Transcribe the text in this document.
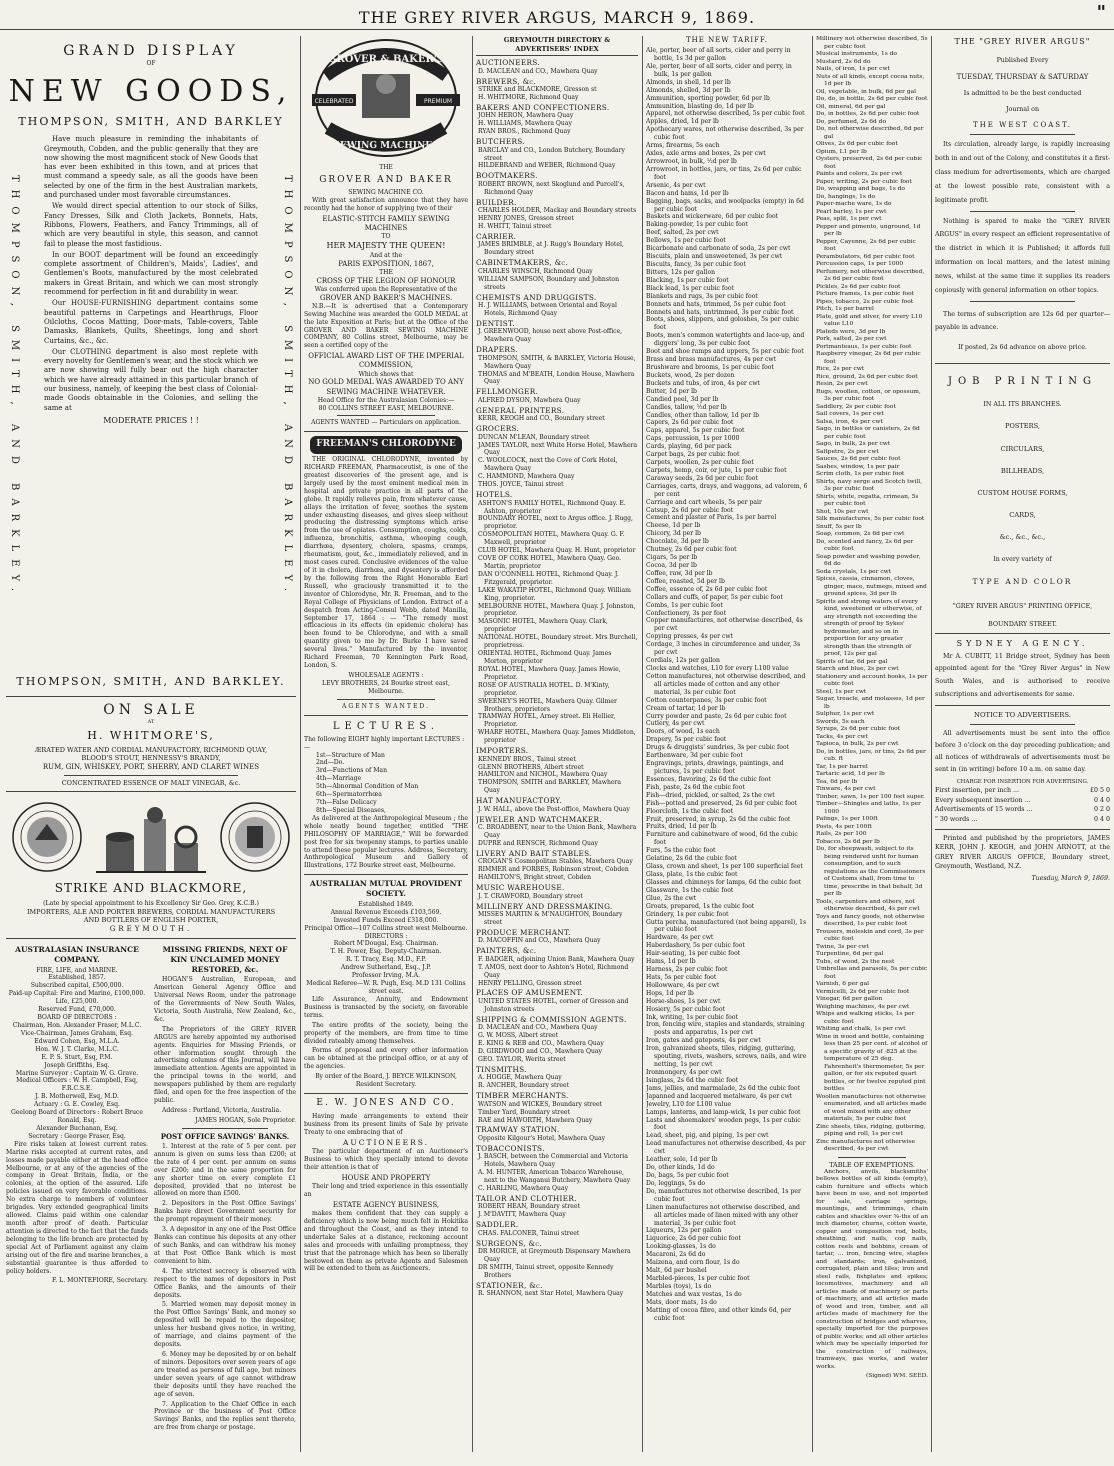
THE GREY RIVER ARGUS, MARCH 9, 1869.	"
GRAND DISPLAY
OF
NEW GOODS,
THOMPSON, SMITH, AND BARKLEY
THOMPSON, SMITH, AND BARKLEY.	THOMPSON, SMITH, AND BARKLEY.

Have much pleasure in reminding the inhabitants of Greymouth, Cobden, and the public generally that they are now showing the most magnificent stock of New Goods that has ever been exhibited in this town, and at prices that must command a speedy sale, as all the goods have been selected by one of the firm in the best Australian markets, and purchased under most favorable circumstances.

We would direct special attention to our stock of Silks, Fancy Dresses, Silk and Cloth Jackets, Bonnets, Hats, Ribbons, Flowers, Feathers, and Fancy Trimmings, all of which are very beautiful in style, this season, and cannot fail to please the most fastidious.

In our BOOT department will be found an exceedingly complete assortment of Children's, Maids', Ladies', and Gentlemen's Boots, manufactured by the most celebrated makers in Great Britain, and which we can most strongly recommend for perfection in fit and durability in wear.

Our HOUSE-FURNISHING department contains some beautiful patterns in Carpetings and Hearthrugs, Floor Oilcloths, Cocoa Matting, Door-mats, Table-covers, Table Damasks, Blankets, Quilts, Sheetings, long and short Curtains, &c., &c.

Our CLOTHING department is also most replete with every novelty for Gentlemen's wear, and the stock which we are now showing will fully bear out the high character which we have already attained in this particular branch of our business, namely, of keeping the best class of Colonial-made Goods obtainable in the Colonies, and selling the same at

MODERATE PRICES ! !
THOMPSON, SMITH, AND BARKLEY.
ON SALE
AT
H. WHITMORE'S,
ÆRATED WATER AND CORDIAL MANUFACTORY, RICHMOND QUAY,
BLOOD'S STOUT, HENNESSY'S BRANDY,
RUM, GIN, WHISKEY, PORT, SHERRY, AND CLARET WINES
CONCENTRATED ESSENCE OF MALT VINEGAR, &c.
STRIKE AND BLACKMORE,
(Late by special appointment to his Excellency Sir Geo. Grey, K.C.B.)
IMPORTERS, ALE AND PORTER BREWERS, CORDIAL MANUFACTURERS
AND BOTTLERS OF ENGLISH PORTER,
GREYMOUTH.
AUSTRALASIAN INSURANCE COMPANY.
FIRE, LIFE, and MARINE.
Established, 1857.
Subscribed capital, £500,000.
Paid-up Capital: Fire and Marine, £100,000.
Life, £25,000.
Reserved Fund, £70,000.
BOARD OF DIRECTORS :
Chairman, Hon. Alexander Fraser, M.L.C.
Vice-Chairman, James Graham, Esq.
Edward Cohen, Esq, M.L.A.
Hon. W. J. T. Clarke, M.L.C.
E. P. S. Sturt, Esq, P.M.
Joseph Griffiths, Esq.
Marine Surveyor : Captain W. G. Grave.
Medical Officers : W. H. Campbell, Esq, F.R.C.S.E.
J. B. Motherwell, Esq, M.D.
Actuary : G. E. Cowley, Esq.
Geelong Board of Directors : Robert Bruce Ronald, Esq.
Alexander Buchanan, Esq.
Secretary : George Fraser, Esq.

Fire risks taken at lowest current rates. Marine risks accepted at current rates, and losses made payable either at the head office Melbourne, or at any of the agencies of the company in Great Britain, India, or the colonies, at the option of the assured. Life policies issued on very favorable conditions. No extra charge to members of volunteer brigades. Very extended geographical limits allowed. Claims paid within one calendar month after proof of death. Particular attention is directed to the fact that the funds belonging to the life branch are protected by special Act of Parliament against any claim arising out of the fire and marine branches, a substantial guarantee is thus afforded to policy holders.

F. L. MONTEFIORE, Secretary.
MISSING FRIENDS, NEXT OF KIN UNCLAIMED MONEY RESTORED, &c.

HOGAN'S Australian, European, and American General Agency Office and Universal News Room, under the patronage of the Governments of New South Wales, Victoria, South Australia, New Zealand, &c., &c.

The Proprietors of the GREY RIVER ARGUS are hereby appointed my authorised agents. Enquiries for Missing Friends, or other information sought through the advertising columns of this Journal, will have immediate attention. Agents are appointed in the principal towns in the world, and newspapers published by them are regularly filed, and open for the free inspection of the public.

Address : Portland, Victoria, Australia.

JAMES HOGAN, Sole Proprietor.
POST OFFICE SAVINGS' BANKS.
1. Interest at the rate of 5 per cent. per annum is given on sums less than £200; at the rate of 4 per cent. per annum on sums over £200; and in the same proportion for any shorter time on every complete £1 deposited, provided that no interest be allowed on more than £500.
2. Depositors in the Post Office Savings' Banks have direct Government security for the prompt repayment of their money.
3. A depositor in any one of the Post Office Banks can continue his deposits at any other of such Banks, and can withdraw his money at that Post Office Bank which is most convenient to him.
4. The strictest secrecy is observed with respect to the names of depositors in Post Office Banks, and the amounts of their deposits.
5. Married women may deposit money in the Post Office Savings' Bank, and money so deposited will be repaid to the depositor, unless her husband gives notice, in writing, of marriage, and claims payment of the deposits.
6. Money may be deposited by or on behalf of minors. Depositors over seven years of age are treated as persons of full age, but minors under seven years of age cannot withdraw their deposits until they have reached the age of seven.
7. Application to the Chief Office in each Province or the business of Post Office Savings' Banks, and the replies sent thereto, are free from charge or postage.
GROVER & BAKER'S
CELEBRATED	PREMIUM
SEWING MACHINES
THE
GROVER AND BAKER
SEWING MACHINE CO.

With great satisfaction announce that they have recently had the honor of supplying two of their

ELASTIC-STITCH FAMILY SEWING MACHINES
TO
HER MAJESTY THE QUEEN!
And at the
PARIS EXPOSITION, 1867,
THE
CROSS OF THE LEGION OF HONOUR
Was conferred upon the Representative of the
GROVER AND BAKER'S MACHINES.

N.B.—It is advertised that a Contemporary Sewing Machine was awarded the GOLD MEDAL at the late Exposition at Paris; but at the Office of the GROVER AND BAKER SEWING MACHINE COMPANY, 80 Collins street, Melbourne, may be seen a certified copy of the

OFFICIAL AWARD LIST OF THE IMPERIAL COMMISSION,
Which shows that
NO GOLD MEDAL WAS AWARDED TO ANY SEWING MACHINE WHATEVER.
Head Office for the Australasian Colonies:—
80 COLLINS STREET EAST, MELBOURNE.
AGENTS WANTED — Particulars on application.
FREEMAN'S CHLORODYNE

THE ORIGINAL CHLORODYNE, invented by RICHARD FREEMAN, Pharmaceutist, is one of the greatest discoveries of the present age, and is largely used by the most eminent medical men in hospital and private practice in all parts of the globe. It rapidly relieves pain, from whatever cause, allays the irritation of fever, soothes the system under exhausting diseases, and gives sleep without producing the distressing symptoms which arise from the use of opiates. Consumption, coughs, colds, influenza, bronchitis, asthma, whooping cough, diarrhœa, dysentery, cholera, spasms, cramps, rheumatism, gout, &c., immediately relieved, and in most cases cured. Conclusive evidences of the value of it in cholera, diarrhœa, and dysentery is afforded by the following from the Right Honorable Earl Russell, who graciously transmitted it to the inventor of Chlorodyne, Mr. R. Freeman, and to the Royal College of Physicians of London. Extract of a despatch from Acting-Consul Webb, dated Manilla, September 17, 1864 : — "The remedy most efficacious in its effects (in epidemic cholera) has been found to be Chlorodyne, and with a small quantity given to me by Dr. Burke I have saved several lives." Manufactured by the inventor, Richard Freeman, 70 Kennington Park Road, London, S.

WHOLESALE AGENTS :
LEVY BROTHERS, 24 Bourke street east, Melbourne.
AGENTS WANTED.
LECTURES.
The following EIGHT highly important LECTURES :—
1st—Structure of Man
2nd—Do.
3rd—Functions of Man
4th—Marriage
5th—Abnormal Condition of Man
6th—Spermatorrhœa
7th—False Delicacy
8th—Special Diseases,

As delivered at the Anthropological Museum ; the whole neatly bound together, entitled "THE PHILOSOPHY OF MARRIAGE," Will be forwarded post free for six twopenny stamps, to parties unable to attend these popular lectures. Address, Secretary, Anthropological Museum and Gallery of Illustrations, 172 Bourke street east, Melbourne.

AUSTRALIAN MUTUAL PROVIDENT SOCIETY.
Established 1849.
Annual Revenue Exceeds £103,569.
Invested Funds Exceed £318,000.
Principal Office—107 Collins street west Melbourne.
DIRECTORS :
Robert M'Dougal, Esq. Chairman.
T. H. Power, Esq. Deputy-Chairman.
R. T. Tracy, Esq. M.D., F.P.
Andrew Sutherland, Esq., J.P.
Professor Irving, M.A.
Medical Referee—W. R. Pugh, Esq. M.D 131 Collins street east.

Life Assurance, Annuity, and Endowment Business is transacted by the society, on favorable terms.

The entire profits of the society, being the property of the members, are from time to time divided rateably among themselves.

Forms of proposal and every other information can be obtained at the principal office, or at any of the agencies.

By order of the Board, J. BEYCE WILKINSON, Resident Secretary.
E. W. JONES AND CO.

Having made arrangements to extend their business from its present limits of Sale by private Treaty to one embracing that of

AUCTIONEERS.

The particular department of an Auctioneer's Business to which they specially intend to devote their attention is that of

HOUSE AND PROPERTY

Their long and tried experience in this essentially an

ESTATE AGENCY BUSINESS,

makes them confident that they can supply a deficiency which is now being much felt in Hokitika and throughout the Coast, and as they intend to undertake Sales at a distance, reckoning account sales and proceeds with unfailing promptness, they trust that the patronage which has been so liberally bestowed on them as private Agents and Salesmen will be extended to them as Auctioneers.

GREYMOUTH DIRECTORY & ADVERTISERS' INDEX
AUCTIONEERS.
D. MACLEAN and CO., Mawhera Quay
BREWERS, &c.
STRIKE and BLACKMORE, Gresson st
H. WHITMORE, Richmond Quay
BAKERS AND CONFECTIONERS.
JOHN HERON, Mawhera Quay
H. WILLIAMS, Mawhera Quay
RYAN BROS., Richmond Quay
BUTCHERS.
BARCLAY and CO., London Butchery, Boundary street
HILDEBRAND and WEBER, Richmond Quay
BOOTMAKERS.
ROBERT BROWN, next Skoglund and Purcell's, Richmond Quay
BUILDER.
CHARLES HOLDER, Mackay and Boundary streets
HENRY JONES, Gresson street
H. WHITT, Tainui street
CARRIER.
JAMES BRIMBLE, at J. Rugg's Boundary Hotel, Boundary street
CABINETMAKERS, &c.
CHARLES WINSCH, Richmond Quay
WILLIAM SAMPSON, Boundary and Johnston streets
CHEMISTS AND DRUGGISTS.
H. J. WILLIAMS, between Oriental and Royal Hotels, Richmond Quay
DENTIST.
J. GREENWOOD, house next above Post-office, Mawhera Quay
DRAPERS.
THOMPSON, SMITH, & BARKLEY, Victoria House, Mawhera Quay
THOMAS and M'BEATH, London House, Mawhera Quay
FELLMONGER.
ALFRED DYSON, Mawhera Quay
GENERAL PRINTERS.
KERR, KEOGH and CO., Boundary street
GROCERS.
DUNCAN M'LEAN, Boundary street
JAMES TAYLOR, next White Horse Hotel, Mawhera Quay
C. WOOLCOCK, next the Cove of Cork Hotel, Mawhera Quay
C. HAMMOND, Mawhera Quay
THOS. JOYCE, Tainui street
HOTELS.
ASHTON'S FAMILY HOTEL, Richmond Quay. E. Ashton, proprietor
BOUNDARY HOTEL, next to Argus office. J. Rugg, proprietor.
COSMOPOLITAN HOTEL, Mawhera Quay. G. F. Maxwell, proprietor
CLUB HOTEL, Mawhera Quay. H. Hunt, proprietor
COVE OF CORK HOTEL, Mawhera Quay. Geo. Martin, proprietor
DAN O'CONNELL HOTEL, Richmond Quay. J. Fitzgerald, proprietor.
LAKE WAKATIP HOTEL, Richmond Quay. William King, proprietor.
MELBOURNE HOTEL, Mawhera Quay. J. Johnston, proprietor.
MASONIC HOTEL, Mawhera Quay. Clark, proprietor
NATIONAL HOTEL, Boundary street. Mrs Burchell, proprietress.
ORIENTAL HOTEL, Richmond Quay. James Morton, proprietor
ROYAL HOTEL, Mawhera Quay. James Howie, Proprietor.
ROSE OF AUSTRALIA HOTEL. D. M'Kinty, proprietor.
SWEENEY'S HOTEL, Mawhera Quay. Gilmer Brothers, proprietors
TRAMWAY HOTEL, Arney street. Eli Hellier, Proprietor.
WHARF HOTEL, Mawhera Quay. James Middleton, proprietor
IMPORTERS.
KENNEDY BROS., Tainui street
GLENN BROTHERS, Albert street
HAMILTON and NICHOL, Mawhera Quay
THOMPSON, SMITH and BARKLEY, Mawhera Quay
HAT MANUFACTORY.
J. W. HALL, above the Post-office, Mawhera Quay
JEWELER AND WATCHMAKER.
C. BROADBENT, near to the Union Bank, Mawhera Quay
DUPRE and RENSCH, Richmond Quay
LIVERY AND BAIT STABLES.
CROGAN'S Cosmopolitan Stables, Mawhera Quay
RIMMER and FORBES, Robinson street, Cobden
HAMILTON'S, Bright street, Cobden
MUSIC WAREHOUSE.
J. T. CRAWFORD, Boundary street
MILLINERY AND DRESSMAKING.
MISSES MARTIN & M'NAUGHTON, Boundary street
PRODUCE MERCHANT.
D. MACOFFIN and CO., Mawhera Quay
PAINTERS, &c.
F. BADGER, adjoining Union Bank, Mawhera Quay
T. AMOS, next door to Ashton's Hotel, Richmond Quay
HENRY PELLING, Gresson street
PLACES OF AMUSEMENT.
UNITED STATES HOTEL, corner of Gresson and Johnston streets
SHIPPING & COMMISSION AGENTS.
D. MACLEAN and CO., Mawhera Quay
G. W. MOSS, Albert street
E. KING & REB and CO., Mawhera Quay
D. GIRDWOOD and CO., Mawhera Quay
GEO. TAYLOR, Werita street
TINSMITHS.
A. HOGGE, Mawhera Quay
R. ANCHER, Boundary street
TIMBER MERCHANTS.
WATSON and WICKES, Boundary street
Timber Yard, Boundary street
RAE and HAWORTH, Mawhera Quay
TRAMWAY STATION.
Opposite Kilgour's Hotel, Mawhera Quay
TOBACCONISTS.
J. BASCH, between the Commercial and Victoria Hotels, Mawhera Quay
A. M. HUNTER, American Tobacco Warehouse, next to the Wanganui Butchery, Mawhera Quay
C. HARLING, Mawhera Quay
TAILOR AND CLOTHIER.
ROBERT HEAN, Boundary street
J. M'DAVITT, Mawhera Quay
SADDLER.
CHAS. FALCONER, Tainui street
SURGEONS, &c.
DR MORICE, at Greymouth Dispensary Mawhera Quay
DR SMITH, Tainui street, opposite Kennedy Brothers
STATIONER, &c.
R. SHANNON, next Star Hotel, Mawhera Quay
THE NEW TARIFF.
Ale, porter, beer of all sorts, cider and perry in bottle, 1s 3d per gallon
Ale, porter, beer of all sorts, cider and perry, in bulk, 1s per gallon
Almonds, in shell, 1d per lb
Almonds, shelled, 3d per lb
Ammunition, sporting powder, 6d per lb
Ammunition, blasting do, 1d per lb
Apparel, not otherwise described, 5s per cubic foot
Apples, dried, 1d per lb
Apothecary wares, not otherwise described, 3s per cubic foot
Arms, firearms, 5s each
Axles, axle arms and boxes, 2s per cwt
Arrowroot, in bulk, ½d per lb
Arrowroot, in bottles, jars, or tins, 2s 6d per cubic foot
Arsenic, 4s per cwt
Bacon and hams, 1d per lb
Bagging, bags, sacks, and woolpacks (empty) in 6d per cubic foot
Baskets and wickerware, 6d per cubic foot
Baking-powder, 1s per cubic foot
Beef, salted, 2s per cwt
Bellows, 1s per cubic foot
Bicarbonate and carbonate of soda, 2s per cwt
Biscuits, plain and unsweetened, 3s per cwt
Biscuits, fancy, 3s per cubic foot
Bitters, 12s per gallon
Blacking, 1s per cubic foot
Black lead, 1s per cubic foot
Blankets and rugs, 3s per cubic foot
Bonnets and hats, trimmed, 5s per cubic foot
Bonnets and hats, untrimmed, 3s per cubic foot
Boots, shoes, slippers, and goloshes, 5s per cubic foot
Boots, men's common watertights and lace-up, and diggers' long, 3s per cubic foot
Boot and shoe ramps and uppers, 5s per cubic foot
Brass and brass manufactures, 4s per cwt
Brushware and brooms, 1s per cubic foot
Buckets, wood, 2s per dozen
Buckets and tubs, of iron, 4s per cwt
Butter, 1d per lb
Candied peel, 3d per lb
Candles, tallow, ½d per lb
Candles, other than tallow, 1d per lb
Capers, 2s 6d per cubic foot
Caps, apparel, 5s per cubic foot
Caps, percussion, 1s per 1000
Cards, playing, 6d per pack
Carpet bags, 2s per cubic foot
Carpets, woollen, 2s per cubic foot
Carpets, hemp, coir, or jute, 1s per cubic foot
Caraway seeds, 2s 6d per cubic foot
Carriages, carts, drays, and waggons, ad valorem, 6 per cent
Carriage and cart wheels, 5s per pair
Catsup, 2s 6d per cubic foot
Cement and plaster of Paris, 1s per barrel
Cheese, 1d per lb
Chicory, 3d per lb
Chocolate, 3d per lb
Chutney, 2s 6d per cubic foot
Cigars, 5s per lb
Cocoa, 3d per lb
Coffee, raw, 3d per lb
Coffee, roasted, 5d per lb
Coffee, essence of, 2s 6d per cubic foot
Collars and cuffs, of paper, 5s per cubic foot
Combs, 1s per cubic foot
Confectionery, 3s per foot
Copper manufactures, not otherwise described, 4s per cwt
Copying presses, 4s per cwt
Cordage, 3 inches in circumference and under, 3s per cwt
Cordials, 12s per gallon
Clocks and watches, L10 for every L100 value
Cotton manufactures, not otherwise described, and all articles made of cotton and any other material, 3s per cubic foot
Cotton counterpanes, 3s per cubic foot
Cream of tartar, 1d per lb
Curry powder and paste, 2s 6d per cubic foot
Cutlery, 4s per cwt
Doors, of wood, 1s each
Drapery, 5s per cubic foot
Drugs & druggists' sundries, 3s per cubic foot
Earthenware, 3d per cubic foot
Engravings, prints, drawings, paintings, and pictures, 1s per cubic foot
Essences, flavoring, 2s 6d the cubic foot
Fish, paste, 2s 6d the cubic foot
Fish—dried, pickled, or salted, 2s the cwt
Fish—potted and preserved, 2s 6d per cubic foot
Floorcloth, 1s the cubic foot
Fruit, preserved, in syrup, 2s 6d the cubic foot
Fruits, dried, 1d per lb
Furniture and cabinetware of wood, 6d the cubic foot
Furs, 5s the cubic foot
Gelatine, 2s 6d the cubic foot
Glass, crown and sheet, 1s per 100 superficial feet
Glass, plate, 1s the cubic foot
Glasses and chimneys for lamps, 6d the cubic foot
Glassware, 1s the cubic foot
Glue, 2s the cwt
Groats, prepared, 1s the cubic foot
Grindery, 1s per cubic foot
Gutta percha, manufactured (not being apparel), 1s per cubic foot
Hardware, 4s per cwt
Haberdashery, 5s per cubic foot
Hair-seating, 1s per cubic foot
Hams, 1d per lb
Harness, 2s per cubic foot
Hats, 5s per cubic foot
Hollowware, 4s per cwt
Hops, 1d per lb
Horse-shoes, 1s per cwt
Hosiery, 5s per cubic foot
Ink, writing, 1s per cubic foot
Iron, fencing wire, staples and standards, straining posts and apparatus, 1s per cwt
Iron, gates and gateposts, 4s per cwt
Iron, galvanized sheets, tiles, ridging, guttering, spouting, rivets, washers, screws, nails, and wire netting, 1s per cwt
Ironmongery, 4s per cwt
Isinglass, 2s 6d the cubic foot
Jams, jellies, and marmalade, 2s 6d the cubic foot
Japanned and lacquered metalware, 4s per cwt
Jewelry, L10 for L100 value
Lamps, lanterns, and lamp-wick, 1s per cubic foot
Lasts and shoemakers' wooden pegs, 1s per cubic foot
Lead, sheet, pig, and piping, 1s per cwt
Lead manufactures not otherwise described, 4s per cwt
Leather, sole, 1d per lb
Do, other kinds, 1d do
Do, bags, 5s per cubic foot
Do, leggings, 5s do
Do, manufactures not otherwise described, 1s per cubic foot
Linen manufactures not otherwise described, and all articles made of linen mixed with any other material, 3s per cubic foot
Liqueurs, 12s per gallon
Liquorice, 2s 6d per cubic foot
Looking-glasses, 1s do
Macaroni, 2s 6d do
Maizena, and corn flour, 1s do
Malt, 6d per bushel
Marbled-pieces, 1s per cubic foot
Marbles (toys), 1s do
Matches and wax vestas, 1s do
Mats, door mats, 1s do
Matting of cocoa fibre, and other kinds 6d, per cubic foot
Millinery not otherwise described, 5s per cubic foot
Musical instruments, 1s do
Mustard, 2s 6d do
Nails, of iron, 1s per cwt
Nuts of all kinds, except cocoa nuts, 1d per lb
Oil, vegetable, in bulk, 6d per gal
Do, do, in bottle, 2s 6d per cubic foot
Oil, mineral, 6d per gal
Do, in bottles, 2s 6d per cubic foot
Do, perfumed, 2s 6d do
Do, not otherwise described, 6d per gal
Olives, 2s 6d per cubic foot
Opium, L1 per lb
Oysters, preserved, 2s 6d per cubic foot
Paints and colors, 2s per cwt
Paper, writing, 2s per cubic foot
Do, wrapping and bags, 1s do
Do, hangings, 1s do
Paper-mache ware, 1s do
Pearl barley, 1s per cwt
Peas, split, 1s per cwt
Pepper and pimento, unground, 1d per lb
Pepper, Cayenne, 2s 6d per cubic foot
Perambulators, 6d per cubic foot
Percussion caps, 1s per 1000
Perfumery, not otherwise described, 2s 6d per cubic foot
Pickles, 2s 6d per cubic foot
Picture frames, 1s per cubic foot
Pipes, tobacco, 2s per cubic foot
Pitch, 1s per barrel
Plate, gold and silver, for every L10 value L10
Plateds were, 3d per lb
Pork, salted, 2s per cwt
Portmanteaus, 1s per cubic foot
Raspberry vinegar, 2s 6d per cubic foot
Rice, 2s per cwt
Rice, ground, 2s 6d per cubic foot
Resin, 2s per cwt
Rugs, woollen, cotton, or opossum, 3s per cubic foot
Saddlery, 2s per cubic foot
Sail covers, 1s per cwt
Salsa, iron, 4s per cwt
Sago, in bottles or canisters, 2s 6d per cubic foot
Sago, in bulk, 2s per cwt
Saltpetre, 2s per cwt
Sauces, 2s 6d per cubic foot
Sashes, window, 1s per pair
Scrim cloth, 1s per cubic foot
Shirts, navy serge and Scotch twill, 3s per cubic foot
Shirts, white, regatta, crimean, 5s per cubic foot
Shot, 10s per cwt
Silk manufactures, 5s per cubic foot
Snuff, 5s per lb
Soap, common, 2s 6d per cwt
Do, scented and fancy, 2s 6d per cubic foot
Soap powder and washing powder, 6d do
Soda crystals, 1s per cwt
Spices, cassia, cinnamon, cloves, ginger, mace, nutmegs, mixed and ground spices, 3d per lb
Spirits and strong waters of every kind, sweetened or otherwise, of any strength not exceeding the strength of proof by Sykes' hydrometer, and so on in proportion for any greater strength than the strength of proof, 12s per gal
Spirits of tar, 6d per gal
Starch and blue, 2s per cwt
Stationery and account books, 1s per cubic foot
Steel, 1s per cwt
Sugar, treacle, and molasses, 1d per lb
Sulphur, 1s per cwt
Swords, 5s each
Syrups, 2s 6d per cubic foot
Tacks, 4s per cwt
Tapioca, in bulk, 2s per cwt
Do, in bottles, jars, or tins, 2s 6d per cub. ft
Tar, 1s per barrel
Tartaric acid, 1d per lb
Tea, 6d per lb
Tinware, 4s per cwt
Timber, sawn, 1s per 100 feet super.
Timber—Shingles and laths, 1s per 1000
Palings, 1s per 100ft
Posts, 4s per 100ft
Rails, 2s per 100
Tobacco, 2s 6d per lb
Do, for sheepwash, subject to its being rendered unfit for human consumption, and to such regulations as the Commissioners of Customs shall, from time to time, prescribe in that behalf, 3d per lb
Tools, carpenters and others, not otherwise described, 4s per cwt
Toys and fancy goods, not otherwise described, 1s per cubic foot
Trousers, moleskin and cord, 3s per cubic foot
Twine, 3s per cwt
Turpentine, 6d per gal
Tubs, of wood, 2s the nest
Umbrellas and parasols, 5s per cubic foot
Varnish, 6 per gal
Vermicelli, 2s 6d per cubic foot
Vinegar, 6d per gallon
Weighing machines, 4s per cwt
Whips and walking sticks, 1s per cubic foot
Whiting and chalk, 1s per cwt
Wine in wood and bottle, containing less than 25 per cent. of alcohol of a specific gravity of ·825 at the temperature of 25 deg. Fahrenheit's thermometer, 5s per gallon, or for six reputed quart bottles, or for twelve reputed pint bottles
Woollen manufactures not otherwise enumerated, and all articles made of wool mixed with any other materials, 5s per cubic foot
Zinc sheets, tiles, ridging, guttering, piping and roll, 1s per cwt
Zinc manufactures not otherwise described, 4s per cwt
TABLE OF EXEMPTIONS.

Anchors, anvils, blacksmiths' bellows bottles of all kinds (empty), cabin furniture and effects which have been in use, and not imported for sale, carriage springs, mountings, and trimmings, chain cables and shackles over ⅝-ths of an inch diameter, churns, cotton waste, copper and composition rod, bolts, sheathing, and nails, cop nails, cotton reels and bobbins, cream of tartar, ... iron, fencing wire, staples and standards; iron, galvanized, corrugated, plain and tiles; iron and steel rails, fishplates and spikes; locomotives, machinery and all articles made of machinery or parts of machinery, and all articles made of wood and iron, timber, and all articles made of machinery for the construction of bridges and wharves, specially imported for the purposes of public works; and all other articles which may be specially imported for the construction of railways, tramways, gas works, and water works.

(Signed) WM. SEED.
THE "GREY RIVER ARGUS"
Published Every
TUESDAY, THURSDAY & SATURDAY
Is admitted to be the best conducted
Journal on
THE WEST COAST.

Its circulation, already large, is rapidly increasing both in and out of the Colony, and constitutes it a first-class medium for advertisements, which are charged at the lowest possible rate, consistent with a legitimate profit.

Nothing is spared to make the "GREY RIVER ARGUS" in every respect an efficient representative of the district in which it is Published; it affords full information on local matters, and the latest mining news, whilst at the same time it supplies its readers copiously with general information on other topics.

The terms of subscription are 12s 6d per quarter—payable in advance.

If posted, 2s 6d advance on above price.

JOB PRINTING
IN ALL ITS BRANCHES.
POSTERS,
CIRCULARS,
BILLHEADS,
CUSTOM HOUSE FORMS,
CARDS,
&c., &c., &c.,
In every variety of
TYPE AND COLOR
"GREY RIVER ARGUS" PRINTING OFFICE,
BOUNDARY STREET.
SYDNEY AGENCY.

Mr A. CUBITT, 11 Bridge street, Sydney has been appointed agent for the "Grey River Argus" in New South Wales, and is authorised to receive subscriptions and advertisements for same.

NOTICE TO ADVERTISERS.

All advertisements must be sent into the office before 3 o'clock on the day preceding publication; and all notices of withdrawals of advertisements must be sent in (in writing) before 10 a.m. on same day.

CHARGE FOR INSERTION FOR ADVERTISING.
First insertion, per inch ...	£0 5 0
Every subsequent insertion ...	0 4 0
Advertisements of 15 words ...	0 2 0
" 30 words ...	0 4 0

Printed and published by the proprietors, JAMES KERR, JOHN J. KEOGH, and JOHN ARNOTT, at the GREY RIVER ARGUS OFFICE, Boundary street, Greymouth, Westland, N.Z.

Tuesday, March 9, 1869.
